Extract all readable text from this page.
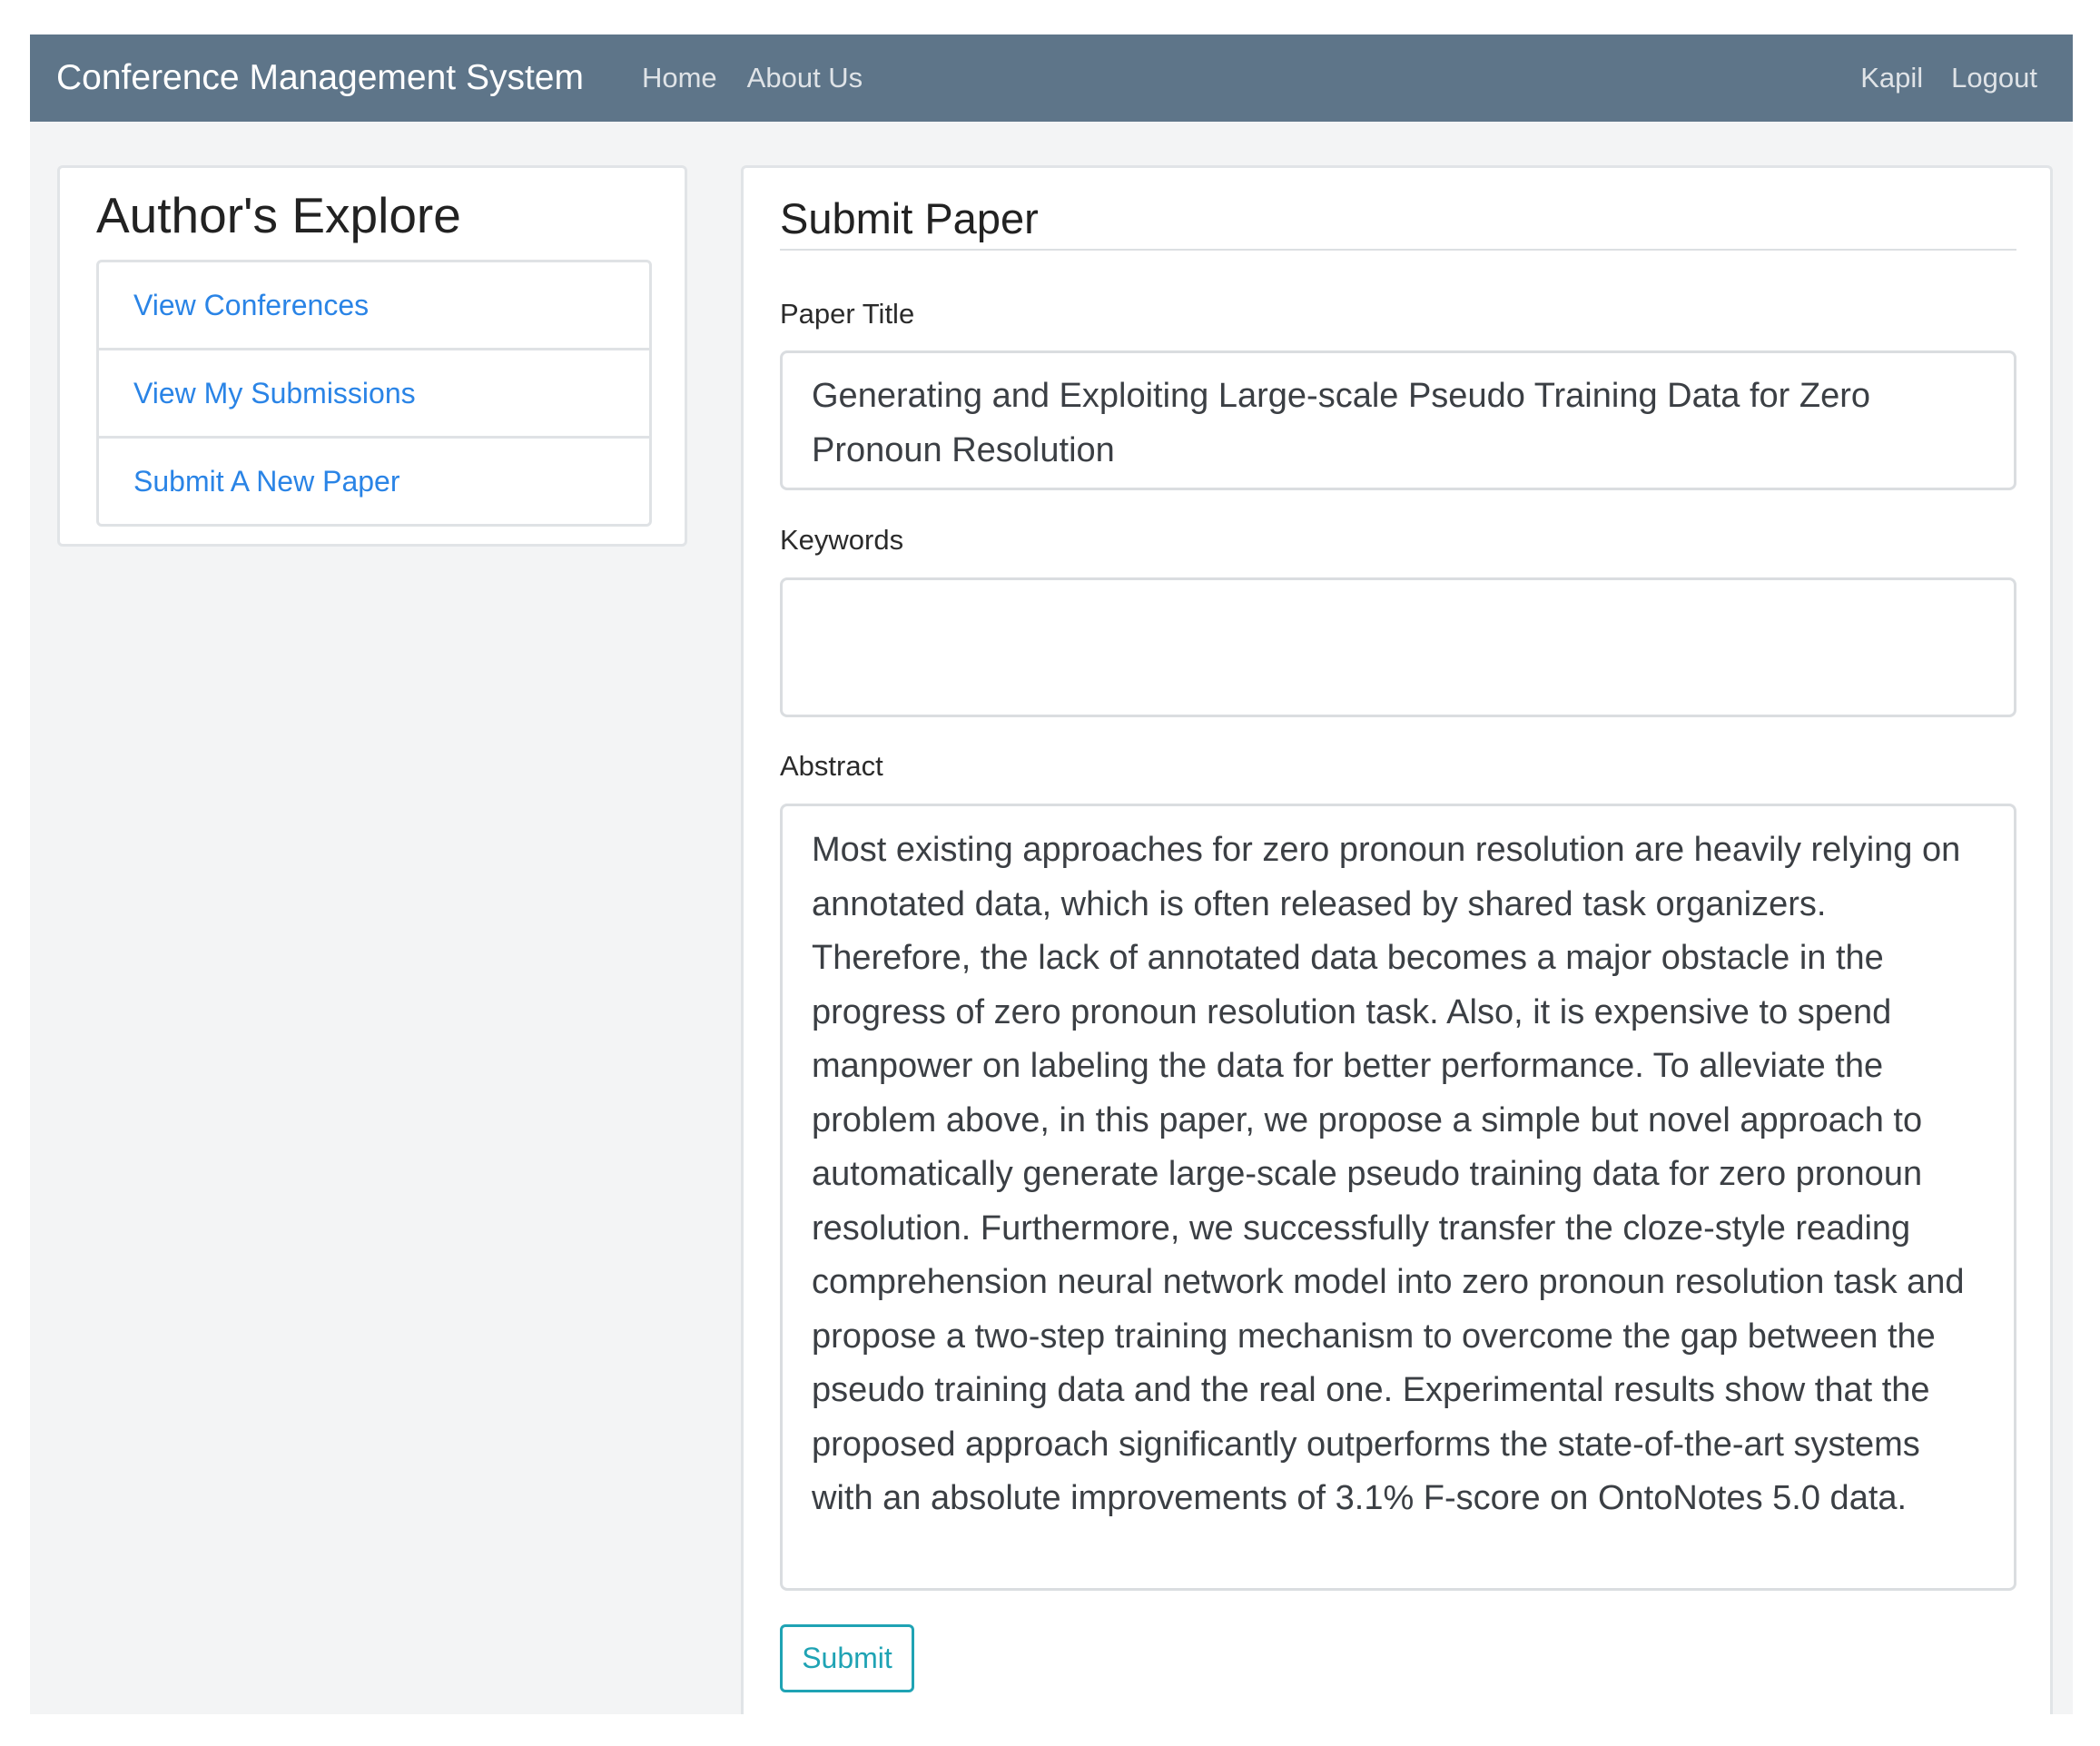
Conference Management System Home About Us	Kapil Logout
Author's Explore
View Conferences
View My Submissions
Submit A New Paper
Submit Paper
Paper Title
Generating and Exploiting Large-scale Pseudo Training Data for Zero Pronoun Resolution
Keywords
Abstract
Most existing approaches for zero pronoun resolution are heavily relying on annotated data, which is often released by shared task organizers. Therefore, the lack of annotated data becomes a major obstacle in the progress of zero pronoun resolution task. Also, it is expensive to spend manpower on labeling the data for better performance. To alleviate the problem above, in this paper, we propose a simple but novel approach to automatically generate large-scale pseudo training data for zero pronoun resolution. Furthermore, we successfully transfer the cloze-style reading comprehension neural network model into zero pronoun resolution task and propose a two-step training mechanism to overcome the gap between the pseudo training data and the real one. Experimental results show that the proposed approach significantly outperforms the state-of-the-art systems with an absolute improvements of 3.1% F-score on OntoNotes 5.0 data.
Submit
